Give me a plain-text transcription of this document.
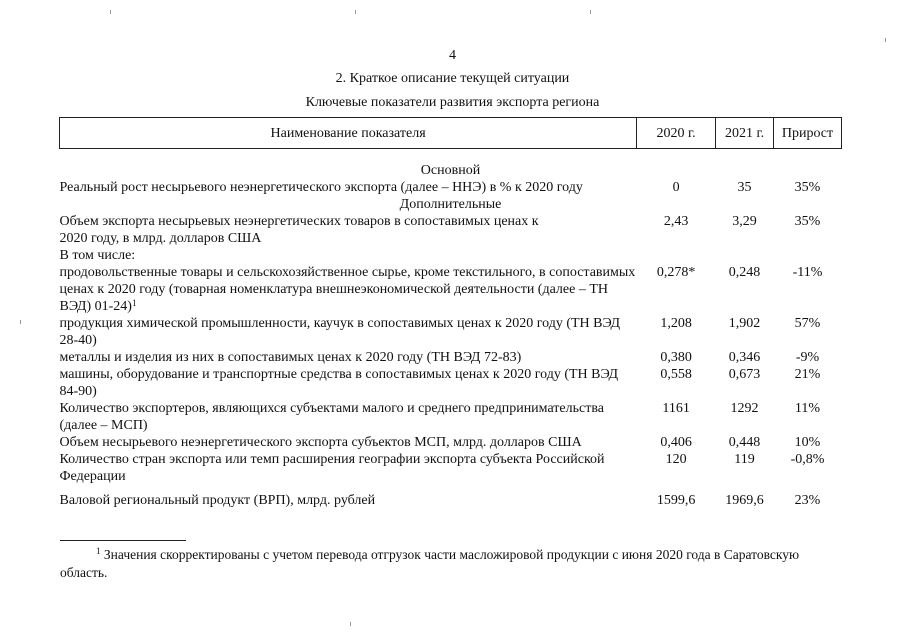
4
2. Краткое описание текущей ситуации
Ключевые показатели развития экспорта региона
Наименование показателя	2020 г.	2021 г.	Прирост
Основной			
Реальный рост несырьевого неэнергетического экспорта (далее – ННЭ) в % к 2020 году	0	35	35%
Дополнительные			
Объем экспорта несырьевых неэнергетических товаров в сопоставимых ценах к 2020 году, в млрд. долларов США	2,43	3,29	35%
В том числе:			
продовольственные товары и сельскохозяйственное сырье, кроме текстильного, в сопоставимых ценах к 2020 году (товарная номенклатура внешнеэкономической деятельности (далее – ТН ВЭД) 01-24)$^1$	0,278*	0,248	-11%
продукция химической промышленности, каучук в сопоставимых ценах к 2020 году (ТН ВЭД 28-40)	1,208	1,902	57%
металлы и изделия из них в сопоставимых ценах к 2020 году (ТН ВЭД 72-83)	0,380	0,346	-9%
машины, оборудование и транспортные средства в сопоставимых ценах к 2020 году (ТН ВЭД 84-90)	0,558	0,673	21%
Количество экспортеров, являющихся субъектами малого и среднего предпринимательства (далее – МСП)	1161	1292	11%
Объем несырьевого неэнергетического экспорта субъектов МСП, млрд. долларов США	0,406	0,448	10%
Количество стран экспорта или темп расширения географии экспорта субъекта Российской Федерации	120	119	-0,8%
Валовой региональный продукт (ВРП), млрд. рублей	1599,6	1969,6	23%
$^1$ Значения скорректированы с учетом перевода отгрузок части масложировой продукции с июня 2020 года в Саратовскую область.
